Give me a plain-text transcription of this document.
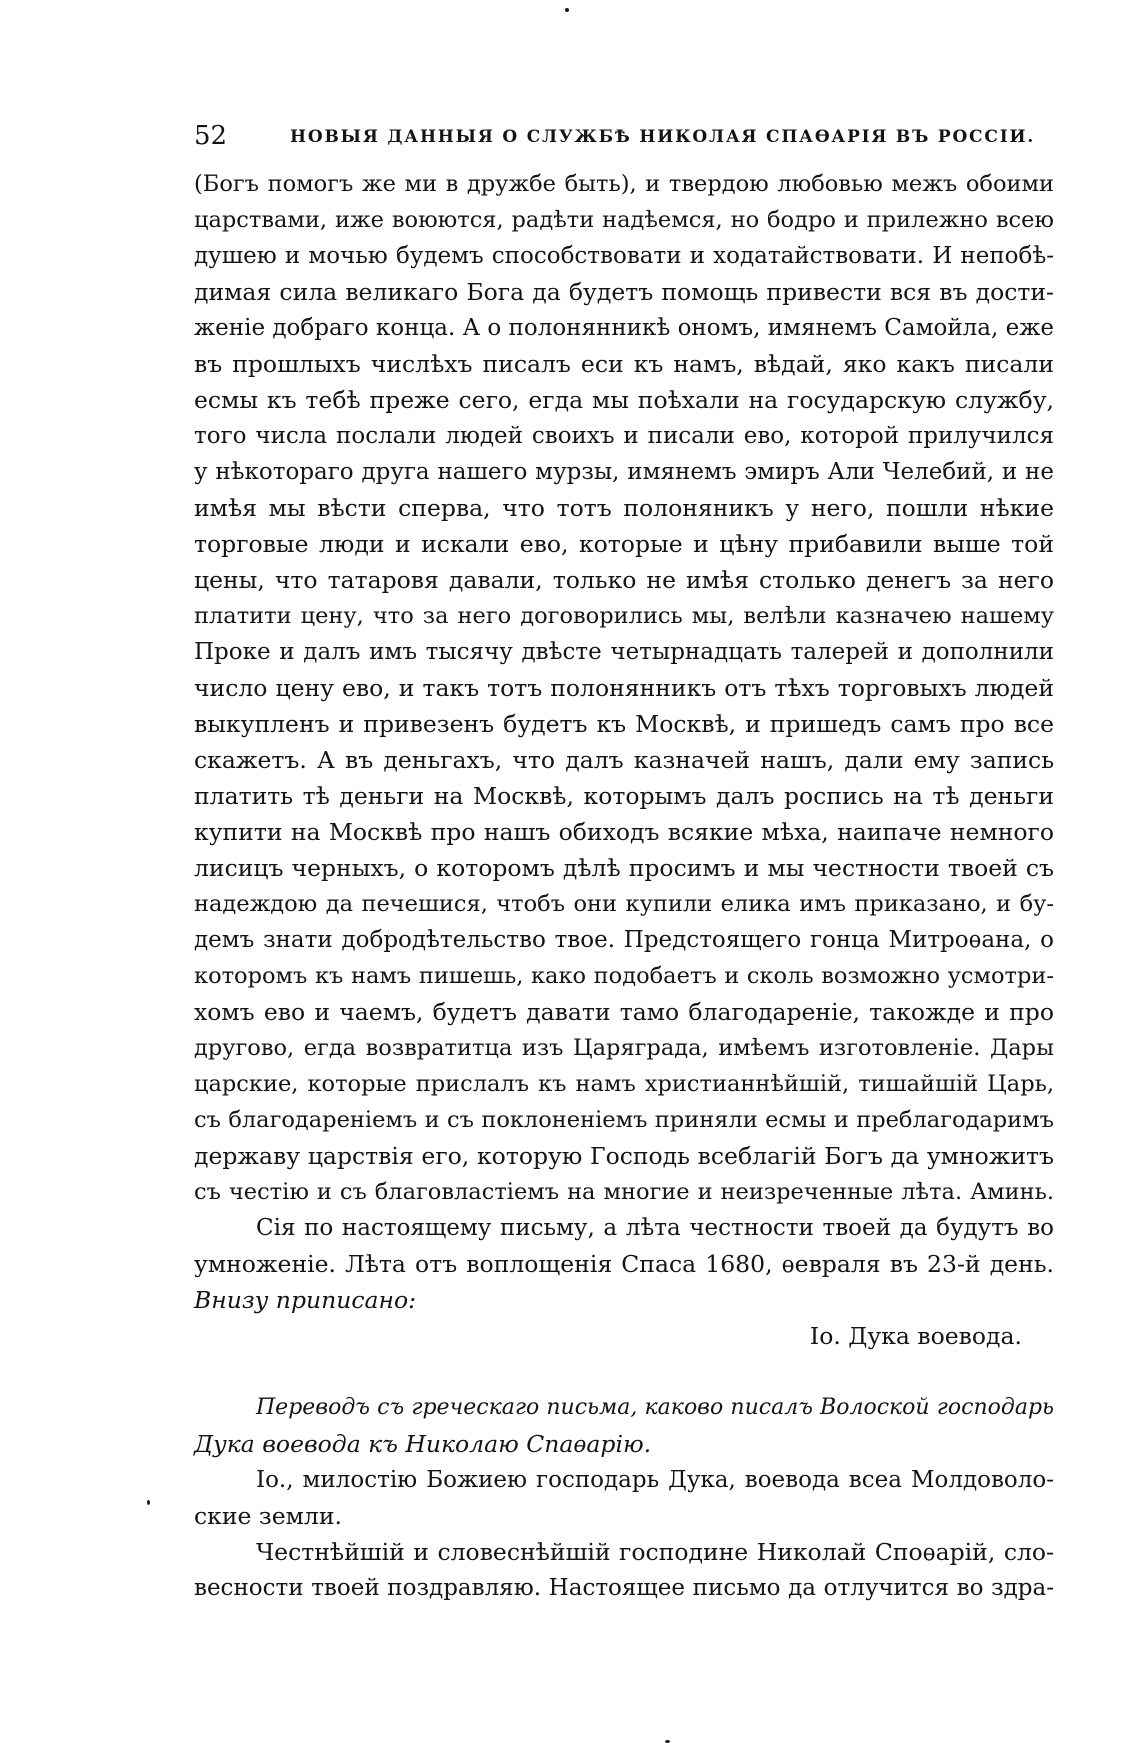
52	НОВЫЯ ДАННЫЯ О СЛУЖБѢ НИКОЛАЯ СПАѲАРІЯ ВЪ РОССІИ.
(Богъ помогъ же ми в дружбе быть), и твердою любовью межъ обоими
царствами, иже воюются, радѣти надѣемся, но бодро и прилежно всею
душею и мочью будемъ способствовати и ходатайствовати. И непобѣ-
димая сила великаго Бога да будетъ помощь привести вся въ дости-
женіе добраго конца. А о полонянникѣ ономъ, имянемъ Самойла, еже
въ прошлыхъ числѣхъ писалъ еси къ намъ, вѣдай, яко какъ писали
есмы къ тебѣ преже сего, егда мы поѣхали на государскую службу,
того числа послали людей своихъ и писали ево, которой прилучился
у нѣкотораго друга нашего мурзы, имянемъ эмиръ Али Челебий, и не
имѣя мы вѣсти сперва, что тотъ полоняникъ у него, пошли нѣкие
торговые люди и искали ево, которые и цѣну прибавили выше той
цены, что татаровя давали, только не имѣя столько денегъ за него
платити цену, что за него договорились мы, велѣли казначею нашему
Проке и далъ имъ тысячу двѣсте четырнадцать талерей и дополнили
число цену ево, и такъ тотъ полонянникъ отъ тѣхъ торговыхъ людей
выкупленъ и привезенъ будетъ къ Москвѣ, и пришедъ самъ про все
скажетъ. А въ деньгахъ, что далъ казначей нашъ, дали ему запись
платить тѣ деньги на Москвѣ, которымъ далъ роспись на тѣ деньги
купити на Москвѣ про нашъ обиходъ всякие мѣха, наипаче немного
лисицъ черныхъ, о которомъ дѣлѣ просимъ и мы честности твоей съ
надеждою да печешися, чтобъ они купили елика имъ приказано, и бу-
демъ знати добродѣтельство твое. Предстоящего гонца Митроѳана, о
которомъ къ намъ пишешь, како подобаетъ и сколь возможно усмотри-
хомъ ево и чаемъ, будетъ давати тамо благодареніе, такожде и про
другово, егда возвратитца изъ Царяграда, имѣемъ изготовленіе. Дары
царские, которые прислалъ къ намъ христианнѣйшій, тишайшій Царь,
съ благодареніемъ и съ поклоненіемъ приняли есмы и преблагодаримъ
державу царствія его, которую Господь всеблагій Богъ да умножитъ
съ честію и съ благовластіемъ на многие и неизреченные лѣта. Аминь.
Сія по настоящему письму, а лѣта честности твоей да будутъ во
умноженіе. Лѣта отъ воплощенія Спаса 1680, ѳевраля въ 23-й день.
Внизу приписано:
Іо. Дука воевода.
Переводъ съ греческаго письма, каково писалъ Волоской господарь
Дука воевода къ Николаю Спаѳарію.
Іо., милостію Божиею господарь Дука, воевода всеа Молдоволо-
ские земли.
Честнѣйшій и словеснѣйшій господине Николай Споѳарій, сло-
весности твоей поздравляю. Настоящее письмо да отлучится во здра-
